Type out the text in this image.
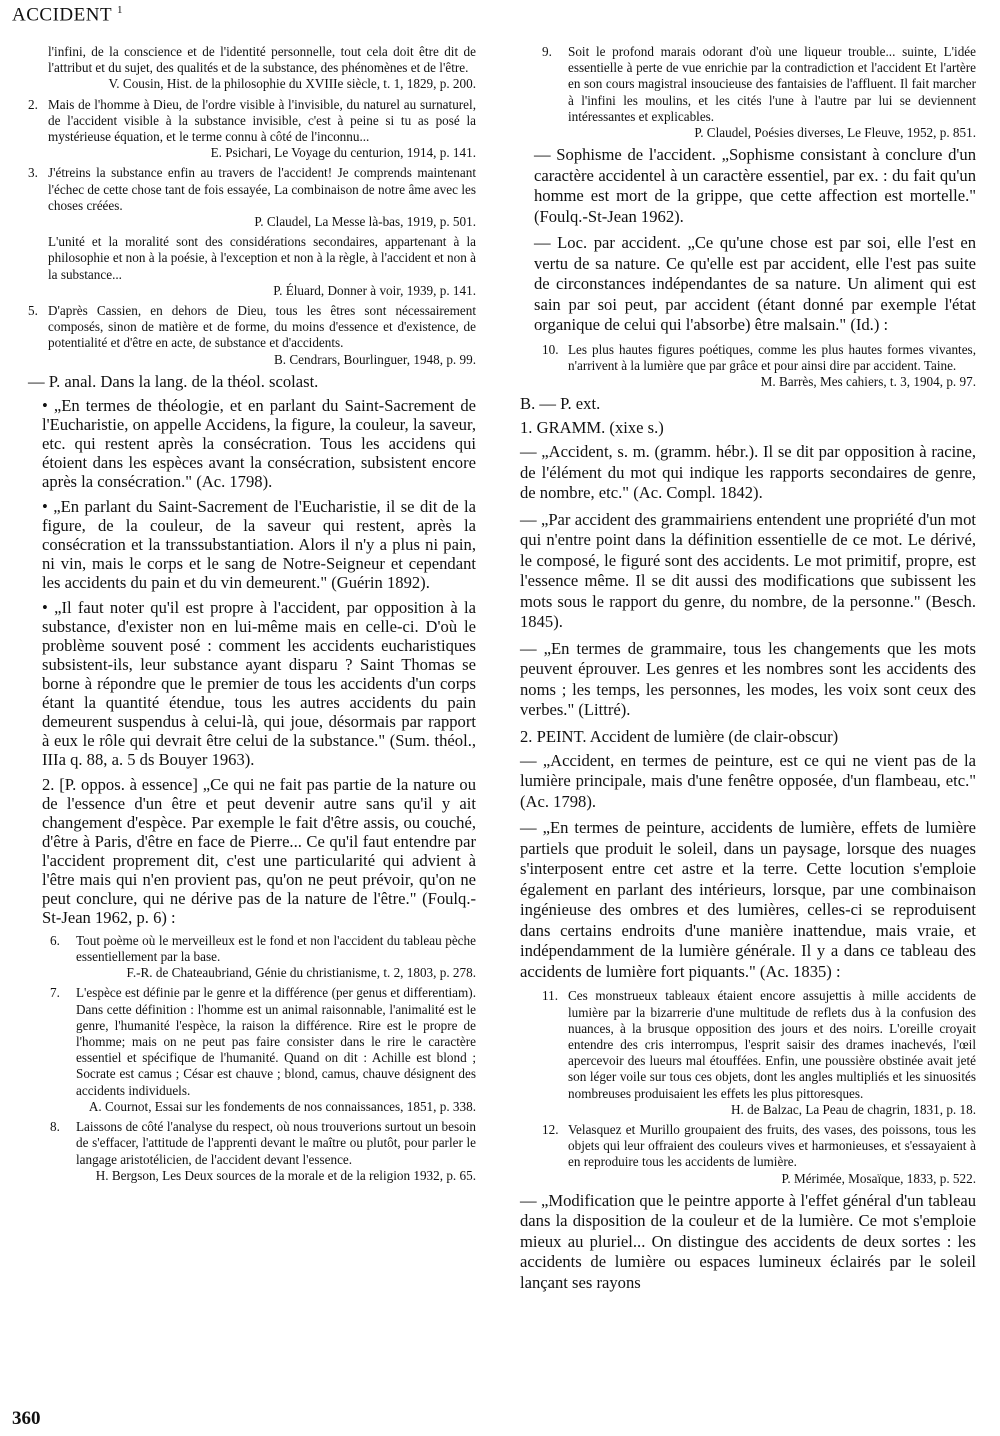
ACCIDENT $^1$

l'infini, de la conscience et de l'identité personnelle, tout cela doit être dit de l'attribut et du sujet, des qualités et de la substance, des phénomènes et de l'être.
V. Cousin, Hist. de la philosophie du XVIIIe siècle, t. 1, 1829, p. 200.

2. Mais de l'homme à Dieu, de l'ordre visible à l'invisible, du naturel au surnaturel, de l'accident visible à la substance invisible, c'est à peine si tu as posé la mystérieuse équation, et le terme connu à côté de l'inconnu...
E. Psichari, Le Voyage du centurion, 1914, p. 141.

3. J'étreins la substance enfin au travers de l'accident! Je comprends maintenant l'échec de cette chose tant de fois essayée, La combinaison de notre âme avec les choses créées.
P. Claudel, La Messe là-bas, 1919, p. 501.

L'unité et la moralité sont des considérations secondaires, appartenant à la philosophie et non à la poésie, à l'exception et non à la règle, à l'accident et non à la substance...
P. Éluard, Donner à voir, 1939, p. 141.

5. D'après Cassien, en dehors de Dieu, tous les êtres sont nécessairement composés, sinon de matière et de forme, du moins d'essence et d'existence, de potentialité et d'être en acte, de substance et d'accidents.
B. Cendrars, Bourlinguer, 1948, p. 99.

— P. anal. Dans la lang. de la théol. scolast.

• „En termes de théologie, et en parlant du Saint-Sacrement de l'Eucharistie, on appelle Accidens, la figure, la couleur, la saveur, etc. qui restent après la consécration. Tous les accidens qui étoient dans les espèces avant la consécration, subsistent encore après la consécration." (Ac. 1798).

• „En parlant du Saint-Sacrement de l'Eucharistie, il se dit de la figure, de la couleur, de la saveur qui restent, après la consécration et la transsubstantiation. Alors il n'y a plus ni pain, ni vin, mais le corps et le sang de Notre-Seigneur et cependant les accidents du pain et du vin demeurent." (Guérin 1892).

• „Il faut noter qu'il est propre à l'accident, par opposition à la substance, d'exister non en lui-même mais en celle-ci. D'où le problème souvent posé : comment les accidents eucharistiques subsistent-ils, leur substance ayant disparu ? Saint Thomas se borne à répondre que le premier de tous les accidents d'un corps étant la quantité étendue, tous les autres accidents du pain demeurent suspendus à celui-là, qui joue, désormais par rapport à eux le rôle qui devrait être celui de la substance." (Sum. théol., IIIa q. 88, a. 5 ds Bouyer 1963).

2. [P. oppos. à essence] „Ce qui ne fait pas partie de la nature ou de l'essence d'un être et peut devenir autre sans qu'il y ait changement d'espèce. Par exemple le fait d'être assis, ou couché, d'être à Paris, d'être en face de Pierre... Ce qu'il faut entendre par l'accident proprement dit, c'est une particularité qui advient à l'être mais qui n'en provient pas, qu'on ne peut prévoir, qu'on ne peut conclure, qui ne dérive pas de la nature de l'être." (Foulq.-St-Jean 1962, p. 6) :

6. Tout poème où le merveilleux est le fond et non l'accident du tableau pèche essentiellement par la base.
F.-R. de Chateaubriand, Génie du christianisme, t. 2, 1803, p. 278.

7. L'espèce est définie par le genre et la différence (per genus et differentiam). Dans cette définition : l'homme est un animal raisonnable, l'animalité est le genre, l'humanité l'espèce, la raison la différence. Rire est le propre de l'homme; mais on ne peut pas faire consister dans le rire le caractère essentiel et spécifique de l'humanité. Quand on dit : Achille est blond ; Socrate est camus ; César est chauve ; blond, camus, chauve désignent des accidents individuels.
A. Cournot, Essai sur les fondements de nos connaissances, 1851, p. 338.

8. Laissons de côté l'analyse du respect, où nous trouverions surtout un besoin de s'effacer, l'attitude de l'apprenti devant le maître ou plutôt, pour parler le langage aristotélicien, de l'accident devant l'essence.
H. Bergson, Les Deux sources de la morale et de la religion 1932, p. 65.

9. Soit le profond marais odorant d'où une liqueur trouble... suinte, L'idée essentielle à perte de vue enrichie par la contradiction et l'accident Et l'artère en son cours magistral insoucieuse des fantaisies de l'affluent. Il fait marcher à l'infini les moulins, et les cités l'une à l'autre par lui se deviennent intéressantes et explicables.
P. Claudel, Poésies diverses, Le Fleuve, 1952, p. 851.

— Sophisme de l'accident. „Sophisme consistant à conclure d'un caractère accidentel à un caractère essentiel, par ex. : du fait qu'un homme est mort de la grippe, que cette affection est mortelle." (Foulq.-St-Jean 1962).

— Loc. par accident. „Ce qu'une chose est par soi, elle l'est en vertu de sa nature. Ce qu'elle est par accident, elle l'est pas suite de circonstances indépendantes de sa nature. Un aliment qui est sain par soi peut, par accident (étant donné par exemple l'état organique de celui qui l'absorbe) être malsain." (Id.) :

10. Les plus hautes figures poétiques, comme les plus hautes formes vivantes, n'arrivent à la lumière que par grâce et pour ainsi dire par accident. Taine.
M. Barrès, Mes cahiers, t. 3, 1904, p. 97.

B. — P. ext.

1. GRAMM. (xixe s.)

— „Accident, s. m. (gramm. hébr.). Il se dit par opposition à racine, de l'élément du mot qui indique les rapports secondaires de genre, de nombre, etc." (Ac. Compl. 1842).

— „Par accident des grammairiens entendent une propriété d'un mot qui n'entre point dans la définition essentielle de ce mot. Le dérivé, le composé, le figuré sont des accidents. Le mot primitif, propre, est l'essence même. Il se dit aussi des modifications que subissent les mots sous le rapport du genre, du nombre, de la personne." (Besch. 1845).

— „En termes de grammaire, tous les changements que les mots peuvent éprouver. Les genres et les nombres sont les accidents des noms ; les temps, les personnes, les modes, les voix sont ceux des verbes." (Littré).

2. PEINT. Accident de lumière (de clair-obscur)

— „Accident, en termes de peinture, est ce qui ne vient pas de la lumière principale, mais d'une fenêtre opposée, d'un flambeau, etc." (Ac. 1798).

— „En termes de peinture, accidents de lumière, effets de lumière partiels que produit le soleil, dans un paysage, lorsque des nuages s'interposent entre cet astre et la terre. Cette locution s'emploie également en parlant des intérieurs, lorsque, par une combinaison ingénieuse des ombres et des lumières, celles-ci se reproduisent dans certains endroits d'une manière inattendue, mais vraie, et indépendamment de la lumière générale. Il y a dans ce tableau des accidents de lumière fort piquants." (Ac. 1835) :

11. Ces monstrueux tableaux étaient encore assujettis à mille accidents de lumière par la bizarrerie d'une multitude de reflets dus à la confusion des nuances, à la brusque opposition des jours et des noirs. L'oreille croyait entendre des cris interrompus, l'esprit saisir des drames inachevés, l'œil apercevoir des lueurs mal étouffées. Enfin, une poussière obstinée avait jeté son léger voile sur tous ces objets, dont les angles multipliés et les sinuosités nombreuses produisaient les effets les plus pittoresques.
H. de Balzac, La Peau de chagrin, 1831, p. 18.

12. Velasquez et Murillo groupaient des fruits, des vases, des poissons, tous les objets qui leur offraient des couleurs vives et harmonieuses, et s'essayaient à en reproduire tous les accidents de lumière.
P. Mérimée, Mosaïque, 1833, p. 522.

— „Modification que le peintre apporte à l'effet général d'un tableau dans la disposition de la couleur et de la lumière. Ce mot s'emploie mieux au pluriel... On distingue des accidents de deux sortes : les accidents de lumière ou espaces lumineux éclairés par le soleil lançant ses rayons

360
